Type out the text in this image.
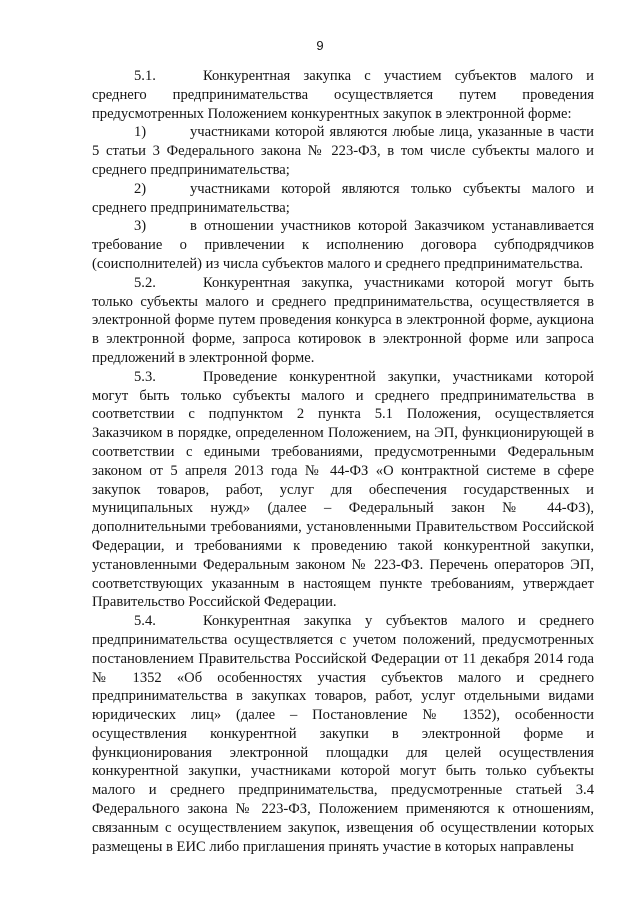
9

5.1.	Конкурентная закупка с участием субъектов малого и среднего предпринимательства осуществляется путем проведения предусмотренных Положением конкурентных закупок в электронной форме:

1)	участниками которой являются любые лица, указанные в части 5 статьи 3 Федерального закона № 223-ФЗ, в том числе субъекты малого и среднего предпринимательства;

2)	участниками которой являются только субъекты малого и среднего предпринимательства;

3)	в отношении участников которой Заказчиком устанавливается требование о привлечении к исполнению договора субподрядчиков (соисполнителей) из числа субъектов малого и среднего предпринимательства.

5.2.	Конкурентная закупка, участниками которой могут быть только субъекты малого и среднего предпринимательства, осуществляется в электронной форме путем проведения конкурса в электронной форме, аукциона в электронной форме, запроса котировок в электронной форме или запроса предложений в электронной форме.

5.3.	Проведение конкурентной закупки, участниками которой могут быть только субъекты малого и среднего предпринимательства в соответствии с подпунктом 2 пункта 5.1 Положения, осуществляется Заказчиком в порядке, определенном Положением, на ЭП, функционирующей в соответствии с едиными требованиями, предусмотренными Федеральным законом от 5 апреля 2013 года № 44-ФЗ «О контрактной системе в сфере закупок товаров, работ, услуг для обеспечения государственных и муниципальных нужд» (далее – Федеральный закон № 44-ФЗ), дополнительными требованиями, установленными Правительством Российской Федерации, и требованиями к проведению такой конкурентной закупки, установленными Федеральным законом № 223-ФЗ. Перечень операторов ЭП, соответствующих указанным в настоящем пункте требованиям, утверждает Правительство Российской Федерации.

5.4.	Конкурентная закупка у субъектов малого и среднего предпринимательства осуществляется с учетом положений, предусмотренных постановлением Правительства Российской Федерации от 11 декабря 2014 года № 1352 «Об особенностях участия субъектов малого и среднего предпринимательства в закупках товаров, работ, услуг отдельными видами юридических лиц» (далее – Постановление № 1352), особенности осуществления конкурентной закупки в электронной форме и функционирования электронной площадки для целей осуществления конкурентной закупки, участниками которой могут быть только субъекты малого и среднего предпринимательства, предусмотренные статьей 3.4 Федерального закона № 223-ФЗ, Положением применяются к отношениям, связанным с осуществлением закупок, извещения об осуществлении которых размещены в ЕИС либо приглашения принять участие в которых направлены
